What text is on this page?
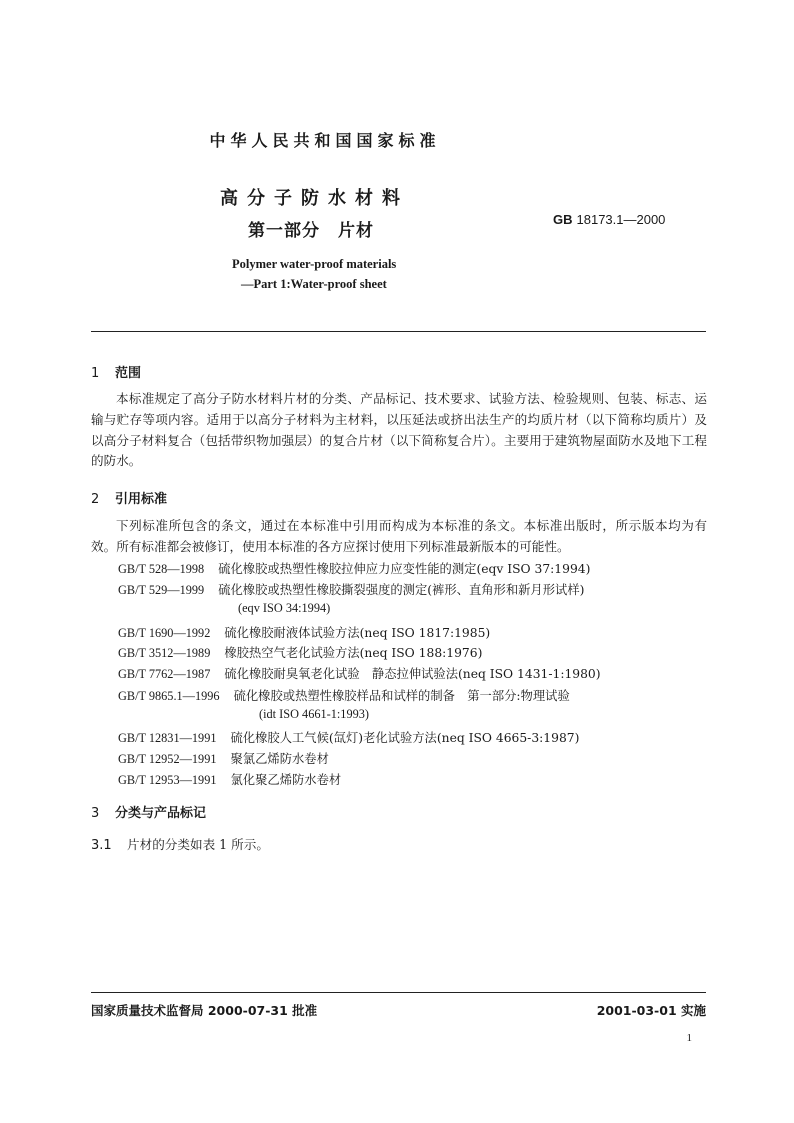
中华人民共和国国家标准
高分子防水材料
第一部分　片材
GB 18173.1—2000
Polymer water-proof materials
—Part 1:Water-proof sheet
1 范围
本标准规定了高分子防水材料片材的分类、产品标记、技术要求、试验方法、检验规则、包装、标志、运输与贮存等项内容。适用于以高分子材料为主材料，以压延法或挤出法生产的均质片材（以下简称均质片）及以高分子材料复合（包括带织物加强层）的复合片材（以下简称复合片）。主要用于建筑物屋面防水及地下工程的防水。
2 引用标准
下列标准所包含的条文，通过在本标准中引用而构成为本标准的条文。本标准出版时，所示版本均为有效。所有标准都会被修订，使用本标准的各方应探讨使用下列标准最新版本的可能性。
GB/T 528—1998 硫化橡胶或热塑性橡胶拉伸应力应变性能的测定(eqv ISO 37:1994)
GB/T 529—1999 硫化橡胶或热塑性橡胶撕裂强度的测定(裤形、直角形和新月形试样)
(eqv ISO 34:1994)
GB/T 1690—1992 硫化橡胶耐液体试验方法(neq ISO 1817:1985)
GB/T 3512—1989 橡胶热空气老化试验方法(neq ISO 188:1976)
GB/T 7762—1987 硫化橡胶耐臭氧老化试验　静态拉伸试验法(neq ISO 1431-1:1980)
GB/T 9865.1—1996 硫化橡胶或热塑性橡胶样品和试样的制备　第一部分:物理试验
(idt ISO 4661-1:1993)
GB/T 12831—1991 硫化橡胶人工气候(氙灯)老化试验方法(neq ISO 4665-3:1987)
GB/T 12952—1991 聚氯乙烯防水卷材
GB/T 12953—1991 氯化聚乙烯防水卷材
3 分类与产品标记
3.1 片材的分类如表 1 所示。
国家质量技术监督局 2000-07-31 批准	2001-03-01 实施
1
